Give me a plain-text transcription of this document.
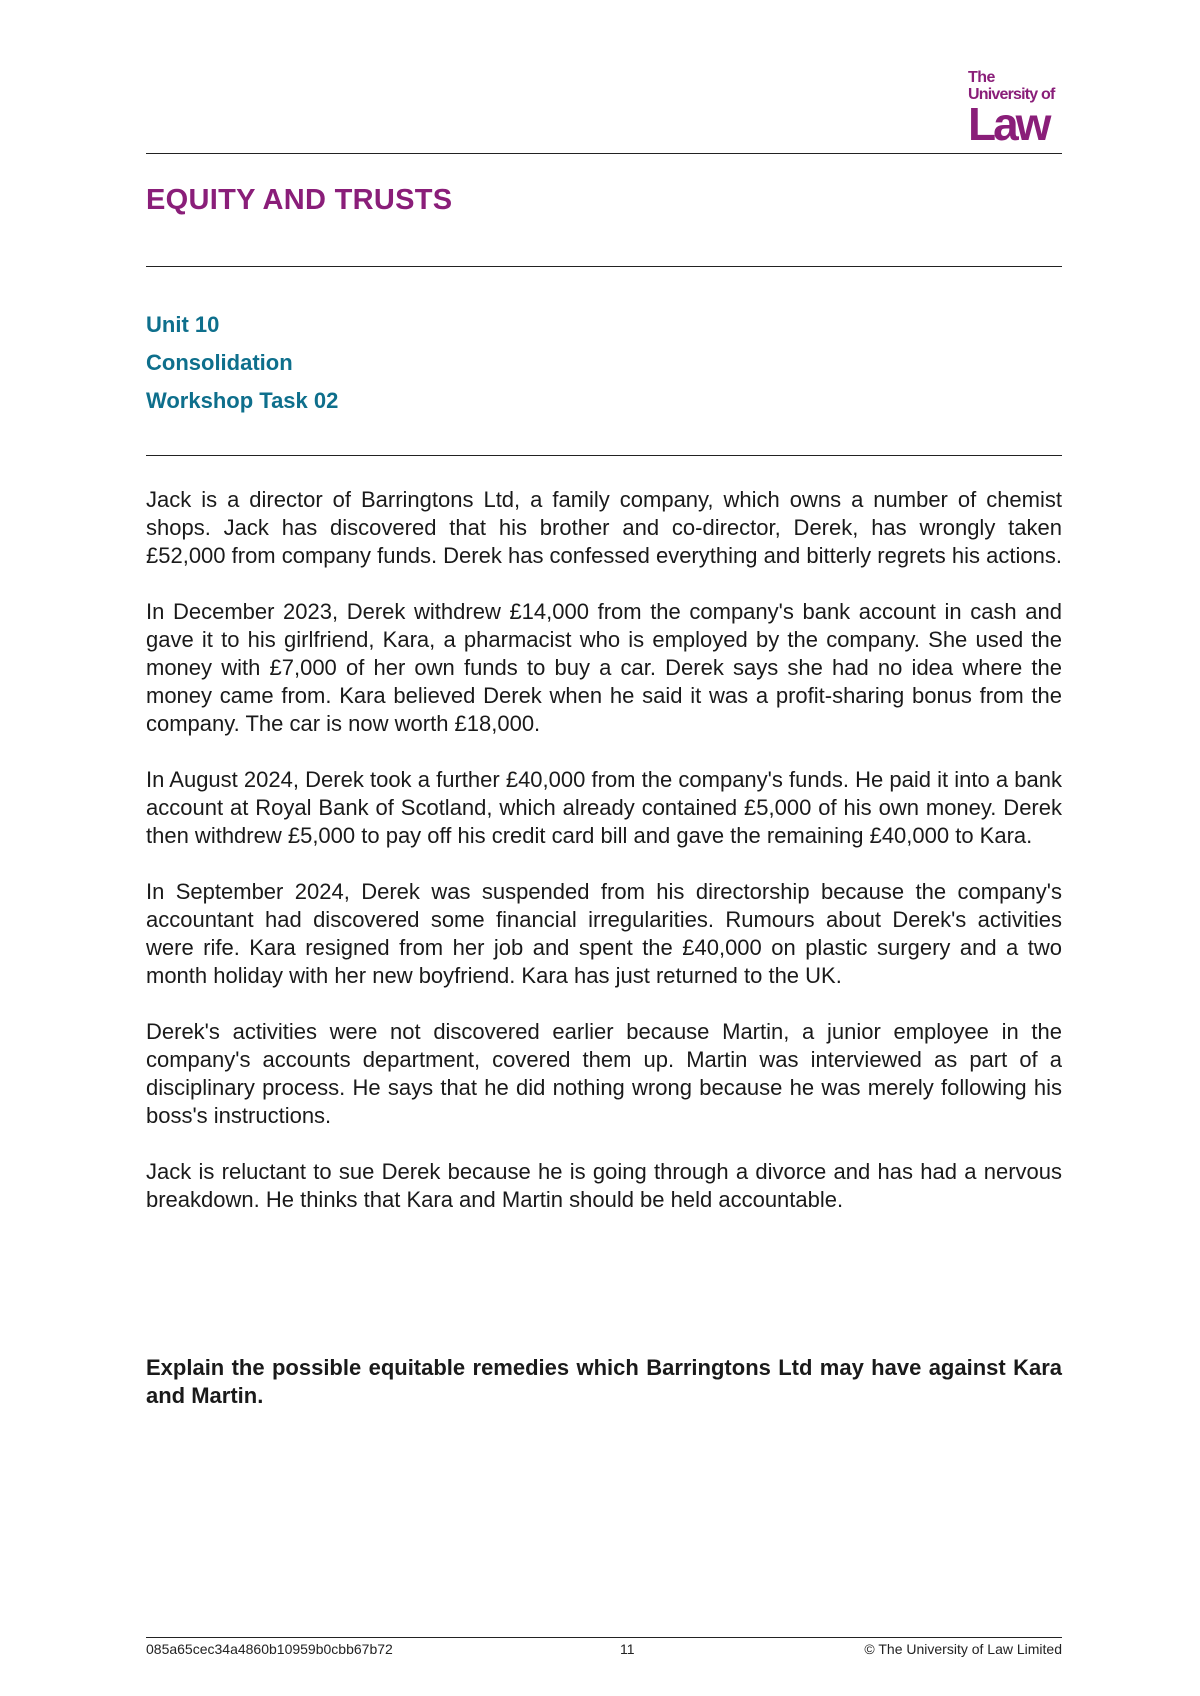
The
University of
Law
EQUITY AND TRUSTS
Unit 10
Consolidation
Workshop Task 02

Jack is a director of Barringtons Ltd, a family company, which owns a number of chemist shops. Jack has discovered that his brother and co-director, Derek, has wrongly taken £52,000 from company funds. Derek has confessed everything and bitterly regrets his actions.

In December 2023, Derek withdrew £14,000 from the company's bank account in cash and gave it to his girlfriend, Kara, a pharmacist who is employed by the company. She used the money with £7,000 of her own funds to buy a car. Derek says she had no idea where the money came from. Kara believed Derek when he said it was a profit-sharing bonus from the company. The car is now worth £18,000.

In August 2024, Derek took a further £40,000 from the company's funds. He paid it into a bank account at Royal Bank of Scotland, which already contained £5,000 of his own money. Derek then withdrew £5,000 to pay off his credit card bill and gave the remaining £40,000 to Kara.

In September 2024, Derek was suspended from his directorship because the company's accountant had discovered some financial irregularities. Rumours about Derek's activities were rife. Kara resigned from her job and spent the £40,000 on plastic surgery and a two month holiday with her new boyfriend. Kara has just returned to the UK.

Derek's activities were not discovered earlier because Martin, a junior employee in the company's accounts department, covered them up. Martin was interviewed as part of a disciplinary process. He says that he did nothing wrong because he was merely following his boss's instructions.

Jack is reluctant to sue Derek because he is going through a divorce and has had a nervous breakdown. He thinks that Kara and Martin should be held accountable.

Explain the possible equitable remedies which Barringtons Ltd may have against Kara and Martin.

085a65cec34a4860b10959b0cbb67b72	11	© The University of Law Limited
